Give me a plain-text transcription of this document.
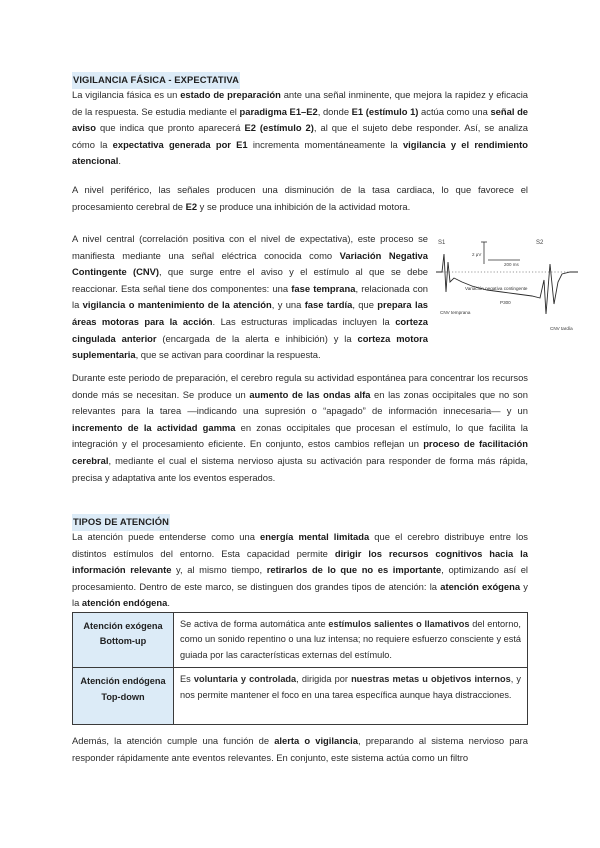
VIGILANCIA FÁSICA - EXPECTATIVA

La vigilancia fásica es un estado de preparación ante una señal inminente, que mejora la rapidez y eficacia de la respuesta. Se estudia mediante el paradigma E1–E2, donde E1 (estímulo 1) actúa como una señal de aviso que indica que pronto aparecerá E2 (estímulo 2), al que el sujeto debe responder. Así, se analiza cómo la expectativa generada por E1 incrementa momentáneamente la vigilancia y el rendimiento atencional.

A nivel periférico, las señales producen una disminución de la tasa cardiaca, lo que favorece el procesamiento cerebral de E2 y se produce una inhibición de la actividad motora.

A nivel central (correlación positiva con el nivel de expectativa), este proceso se manifiesta mediante una señal eléctrica conocida como Variación Negativa Contingente (CNV), que surge entre el aviso y el estímulo al que se debe reaccionar. Esta señal tiene dos componentes: una fase temprana, relacionada con la vigilancia o mantenimiento de la atención, y una fase tardía, que prepara las áreas motoras para la acción. Las estructuras implicadas incluyen la corteza cingulada anterior (encargada de la alerta e inhibición) y la corteza motora suplementaria, que se activan para coordinar la respuesta.

Durante este periodo de preparación, el cerebro regula su actividad espontánea para concentrar los recursos donde más se necesitan. Se produce un aumento de las ondas alfa en las zonas occipitales que no son relevantes para la tarea —indicando una supresión o “apagado” de información innecesaria— y un incremento de la actividad gamma en zonas occipitales que procesan el estímulo, lo que facilita la integración y el procesamiento eficiente. En conjunto, estos cambios reflejan un proceso de facilitación cerebral, mediante el cual el sistema nervioso ajusta su activación para responder de forma más rápida, precisa y adaptativa ante los eventos esperados.

TIPOS DE ATENCIÓN

La atención puede entenderse como una energía mental limitada que el cerebro distribuye entre los distintos estímulos del entorno. Esta capacidad permite dirigir los recursos cognitivos hacia la información relevante y, al mismo tiempo, retirarlos de lo que no es importante, optimizando así el procesamiento. Dentro de este marco, se distinguen dos grandes tipos de atención: la atención exógena y la atención endógena.

Además, la atención cumple una función de alerta o vigilancia, preparando al sistema nervioso para responder rápidamente ante eventos relevantes. En conjunto, este sistema actúa como un filtro

S1	S2
2 μV
200 ms
Variación negativa contingente
P300
CNV temprana
CNV tardía
Atención exógena
Bottom-up	Se activa de forma automática ante estímulos salientes o llamativos del entorno, como un sonido repentino o una luz intensa; no requiere esfuerzo consciente y está guiada por las características externas del estímulo.

Atención endógena
Top-down	Es voluntaria y controlada, dirigida por nuestras metas u objetivos internos, y nos permite mantener el foco en una tarea específica aunque haya distracciones.
